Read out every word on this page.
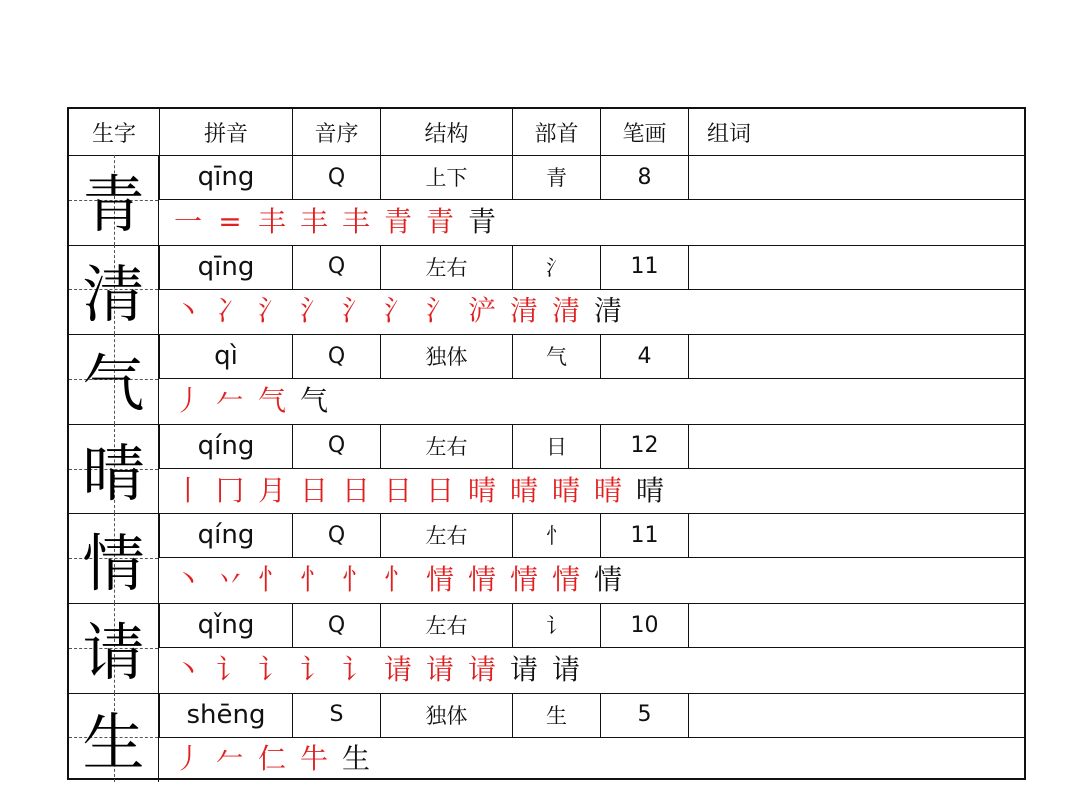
生字	拼音	音序	结构	部首	笔画	组词
青	qīng	Q	上下	青	8
一 = 丰 丰 丰 青 青 青
清	qīng	Q	左右	氵	11
丶 冫 氵 氵 氵 氵 氵 浐 清 清 清
气	qì	Q	独体	气	4
丿 𠂉 气 气
晴	qíng	Q	左右	日	12
丨 冂 月 日 日 日 日 晴 晴 晴 晴 晴
情	qíng	Q	左右	忄	11
丶 丷 忄 忄 忄 忄 情 情 情 情 情
请	qǐng	Q	左右	讠	10
丶 讠 讠 讠 讠 请 请 请 请 请
生	shēng	S	独体	生	5
丿 𠂉 仁 牛 生
